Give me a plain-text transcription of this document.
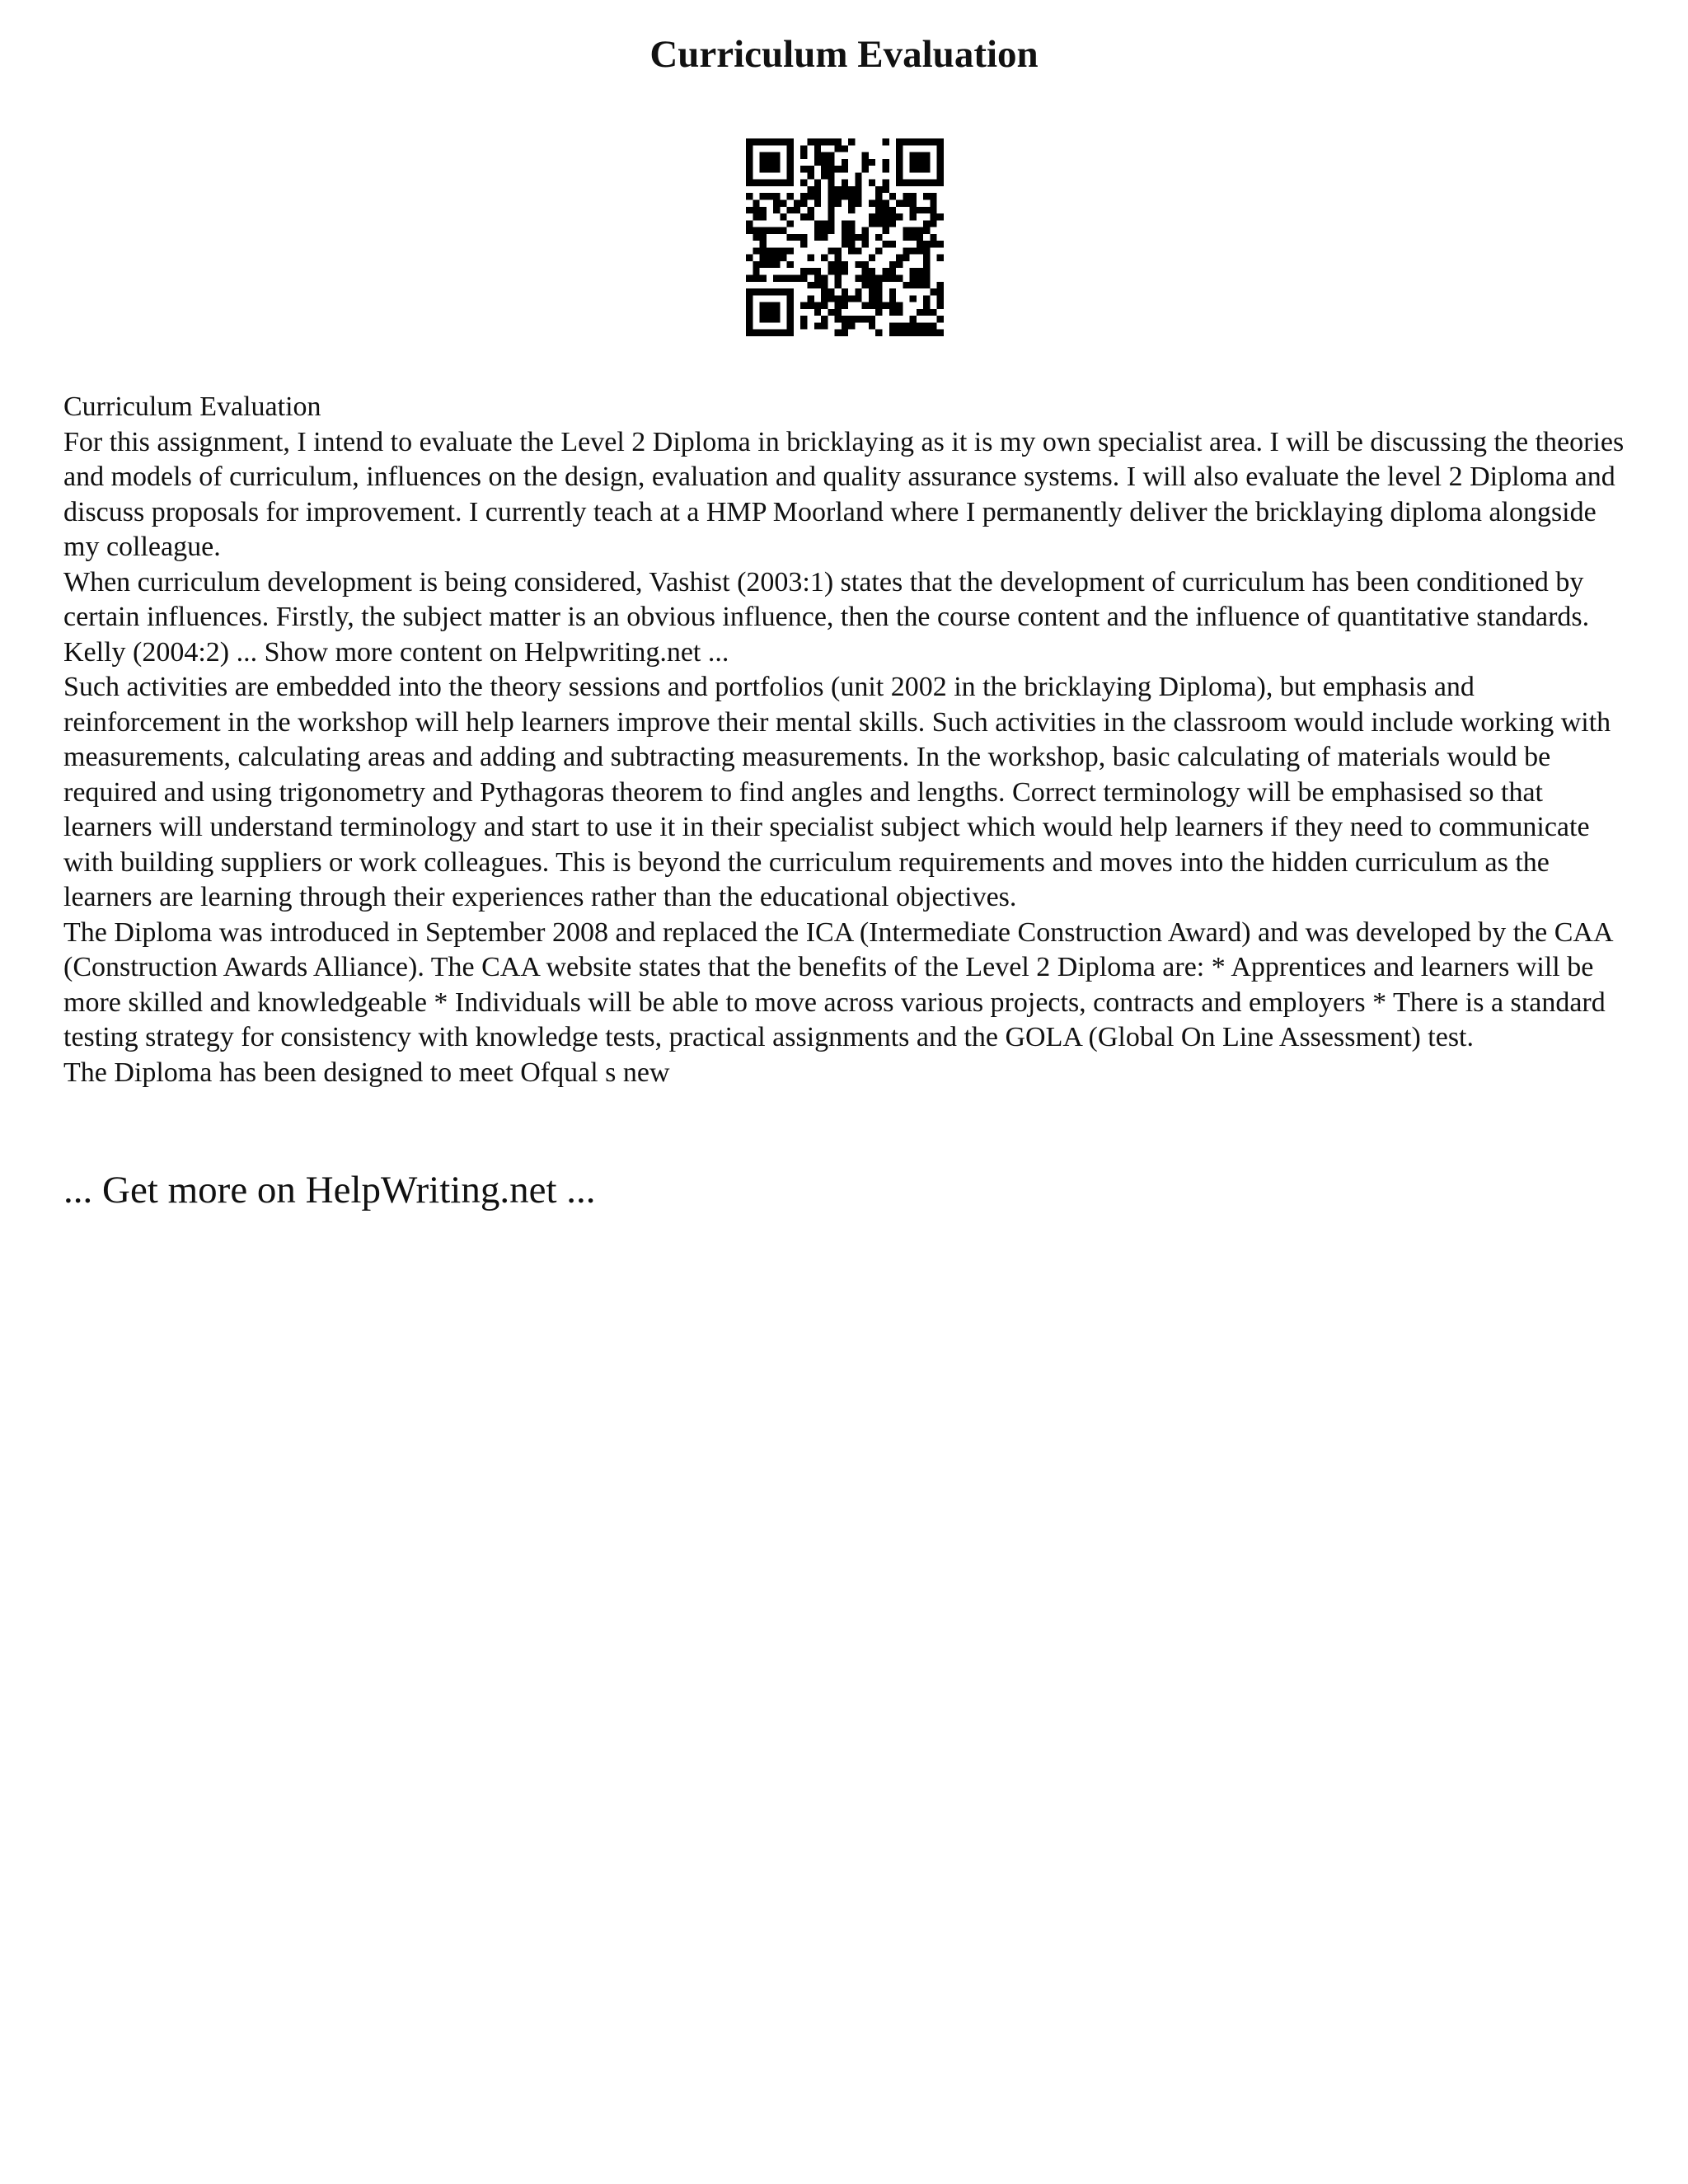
Curriculum Evaluation

Curriculum Evaluation

For this assignment, I intend to evaluate the Level 2 Diploma in bricklaying as it is my own specialist area. I will be discussing the theories and models of curriculum, influences on the design, evaluation and quality assurance systems. I will also evaluate the level 2 Diploma and discuss proposals for improvement. I currently teach at a HMP Moorland where I permanently deliver the bricklaying diploma alongside my colleague.

When curriculum development is being considered, Vashist (2003:1) states that the development of curriculum has been conditioned by certain influences. Firstly, the subject matter is an obvious influence, then the course content and the influence of quantitative standards. Kelly (2004:2) ... Show more content on Helpwriting.net ...

Such activities are embedded into the theory sessions and portfolios (unit 2002 in the bricklaying Diploma), but emphasis and reinforcement in the workshop will help learners improve their mental skills. Such activities in the classroom would include working with measurements, calculating areas and adding and subtracting measurements. In the workshop, basic calculating of materials would be required and using trigonometry and Pythagoras theorem to find angles and lengths. Correct terminology will be emphasised so that learners will understand terminology and start to use it in their specialist subject which would help learners if they need to communicate with building suppliers or work colleagues. This is beyond the curriculum requirements and moves into the hidden curriculum as the learners are learning through their experiences rather than the educational objectives.

The Diploma was introduced in September 2008 and replaced the ICA (Intermediate Construction Award) and was developed by the CAA (Construction Awards Alliance). The CAA website states that the benefits of the Level 2 Diploma are: * Apprentices and learners will be more skilled and knowledgeable * Individuals will be able to move across various projects, contracts and employers * There is a standard testing strategy for consistency with knowledge tests, practical assignments and the GOLA (Global On Line Assessment) test.

The Diploma has been designed to meet Ofqual s new

... Get more on HelpWriting.net ...
